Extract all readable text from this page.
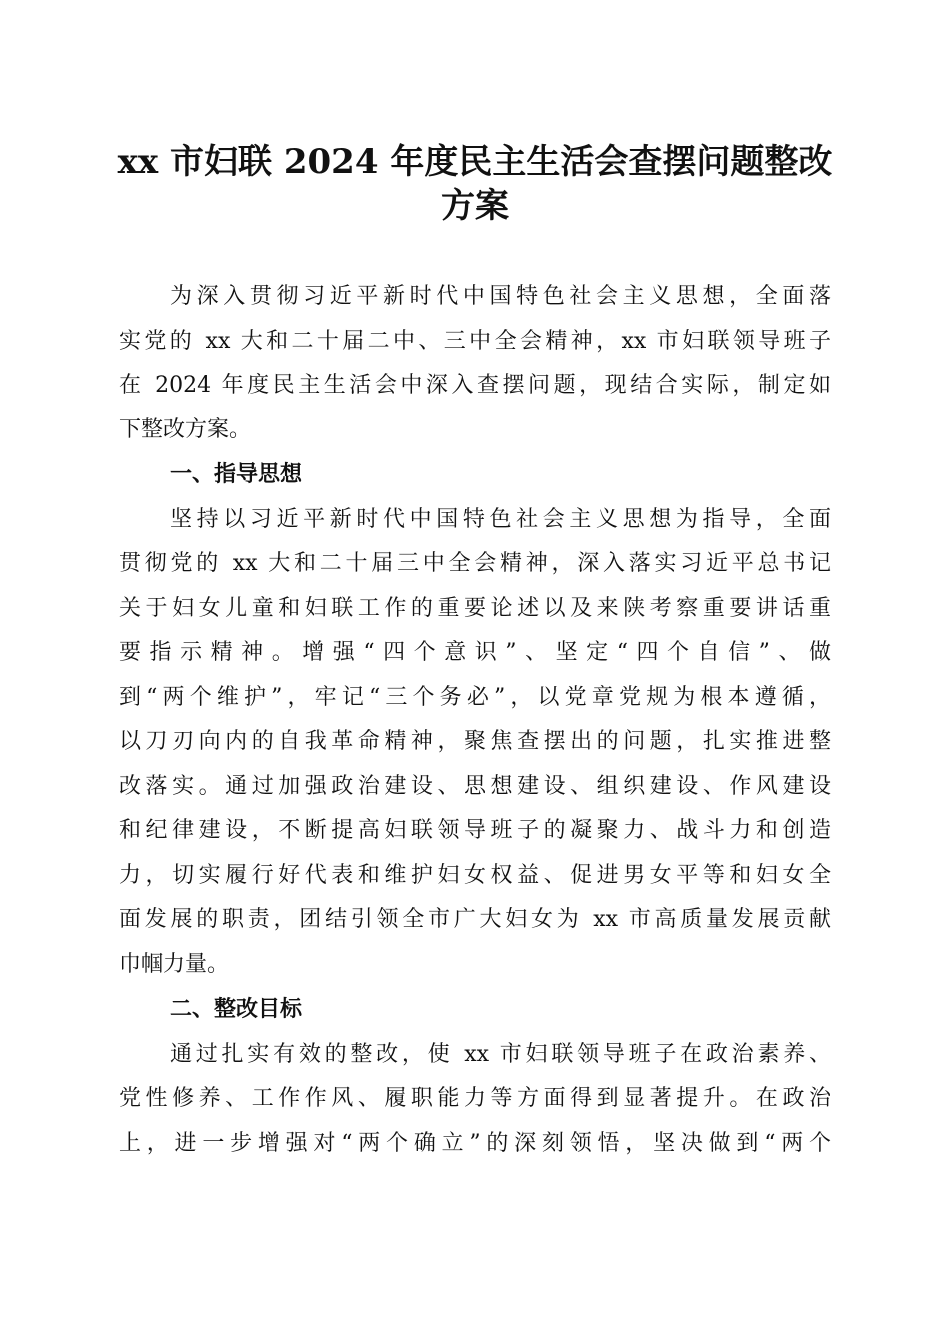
xx 市妇联 2024 年度民主生活会查摆问题整改
方案

为深入贯彻习近平新时代中国特色社会主义思想，全面落

实党的 xx 大和二十届二中、三中全会精神，xx 市妇联领导班子

在 2024 年度民主生活会中深入查摆问题，现结合实际，制定如

下整改方案。

一、指导思想

坚持以习近平新时代中国特色社会主义思想为指导，全面

贯彻党的 xx 大和二十届三中全会精神，深入落实习近平总书记

关于妇女儿童和妇联工作的重要论述以及来陕考察重要讲话重

要指示精神。增强“四个意识”、坚定“四个自信”、做

到“两个维护”，牢记“三个务必”，以党章党规为根本遵循，

以刀刃向内的自我革命精神，聚焦查摆出的问题，扎实推进整

改落实。通过加强政治建设、思想建设、组织建设、作风建设

和纪律建设，不断提高妇联领导班子的凝聚力、战斗力和创造

力，切实履行好代表和维护妇女权益、促进男女平等和妇女全

面发展的职责，团结引领全市广大妇女为 xx 市高质量发展贡献

巾帼力量。

二、整改目标

通过扎实有效的整改，使 xx 市妇联领导班子在政治素养、

党性修养、工作作风、履职能力等方面得到显著提升。在政治

上，进一步增强对“两个确立”的深刻领悟，坚决做到“两个
